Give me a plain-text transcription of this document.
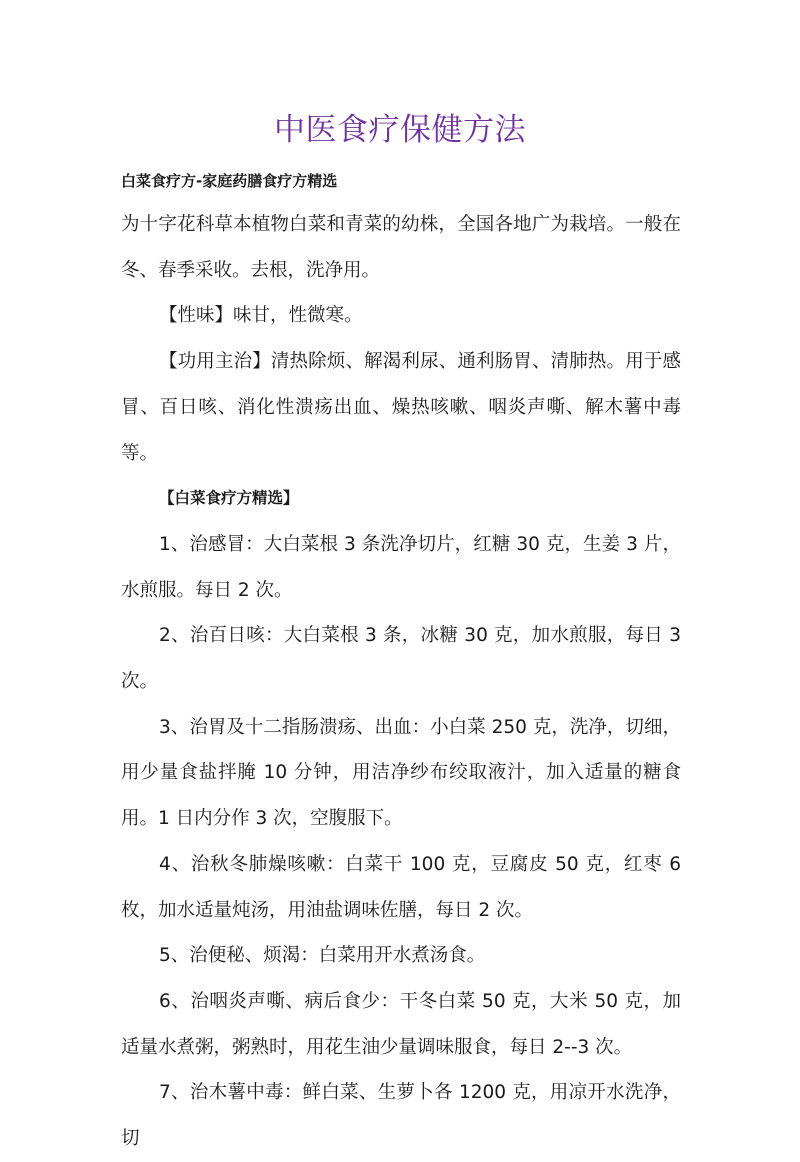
中医食疗保健方法

白菜食疗方-家庭药膳食疗方精选

为十字花科草本植物白菜和青菜的幼株，全国各地广为栽培。一般在冬、春季采收。去根，洗净用。

【性味】味甘，性微寒。

【功用主治】清热除烦、解渴利尿、通利肠胃、清肺热。用于感冒、百日咳、消化性溃疡出血、燥热咳嗽、咽炎声嘶、解木薯中毒等。

【白菜食疗方精选】

1、治感冒：大白菜根 3 条洗净切片，红糖 30 克，生姜 3 片，水煎服。每日 2 次。

2、治百日咳：大白菜根 3 条，冰糖 30 克，加水煎服，每日 3 次。

3、治胃及十二指肠溃疡、出血：小白菜 250 克，洗净，切细，用少量食盐拌腌 10 分钟，用洁净纱布绞取液汁，加入适量的糖食用。1 日内分作 3 次，空腹服下。

4、治秋冬肺燥咳嗽：白菜干 100 克，豆腐皮 50 克，红枣 6 枚，加水适量炖汤，用油盐调味佐膳，每日 2 次。

5、治便秘、烦渴：白菜用开水煮汤食。

6、治咽炎声嘶、病后食少：干冬白菜 50 克，大米 50 克，加适量水煮粥，粥熟时，用花生油少量调味服食，每日 2--3 次。

7、治木薯中毒：鲜白菜、生萝卜各 1200 克，用凉开水洗净，切
